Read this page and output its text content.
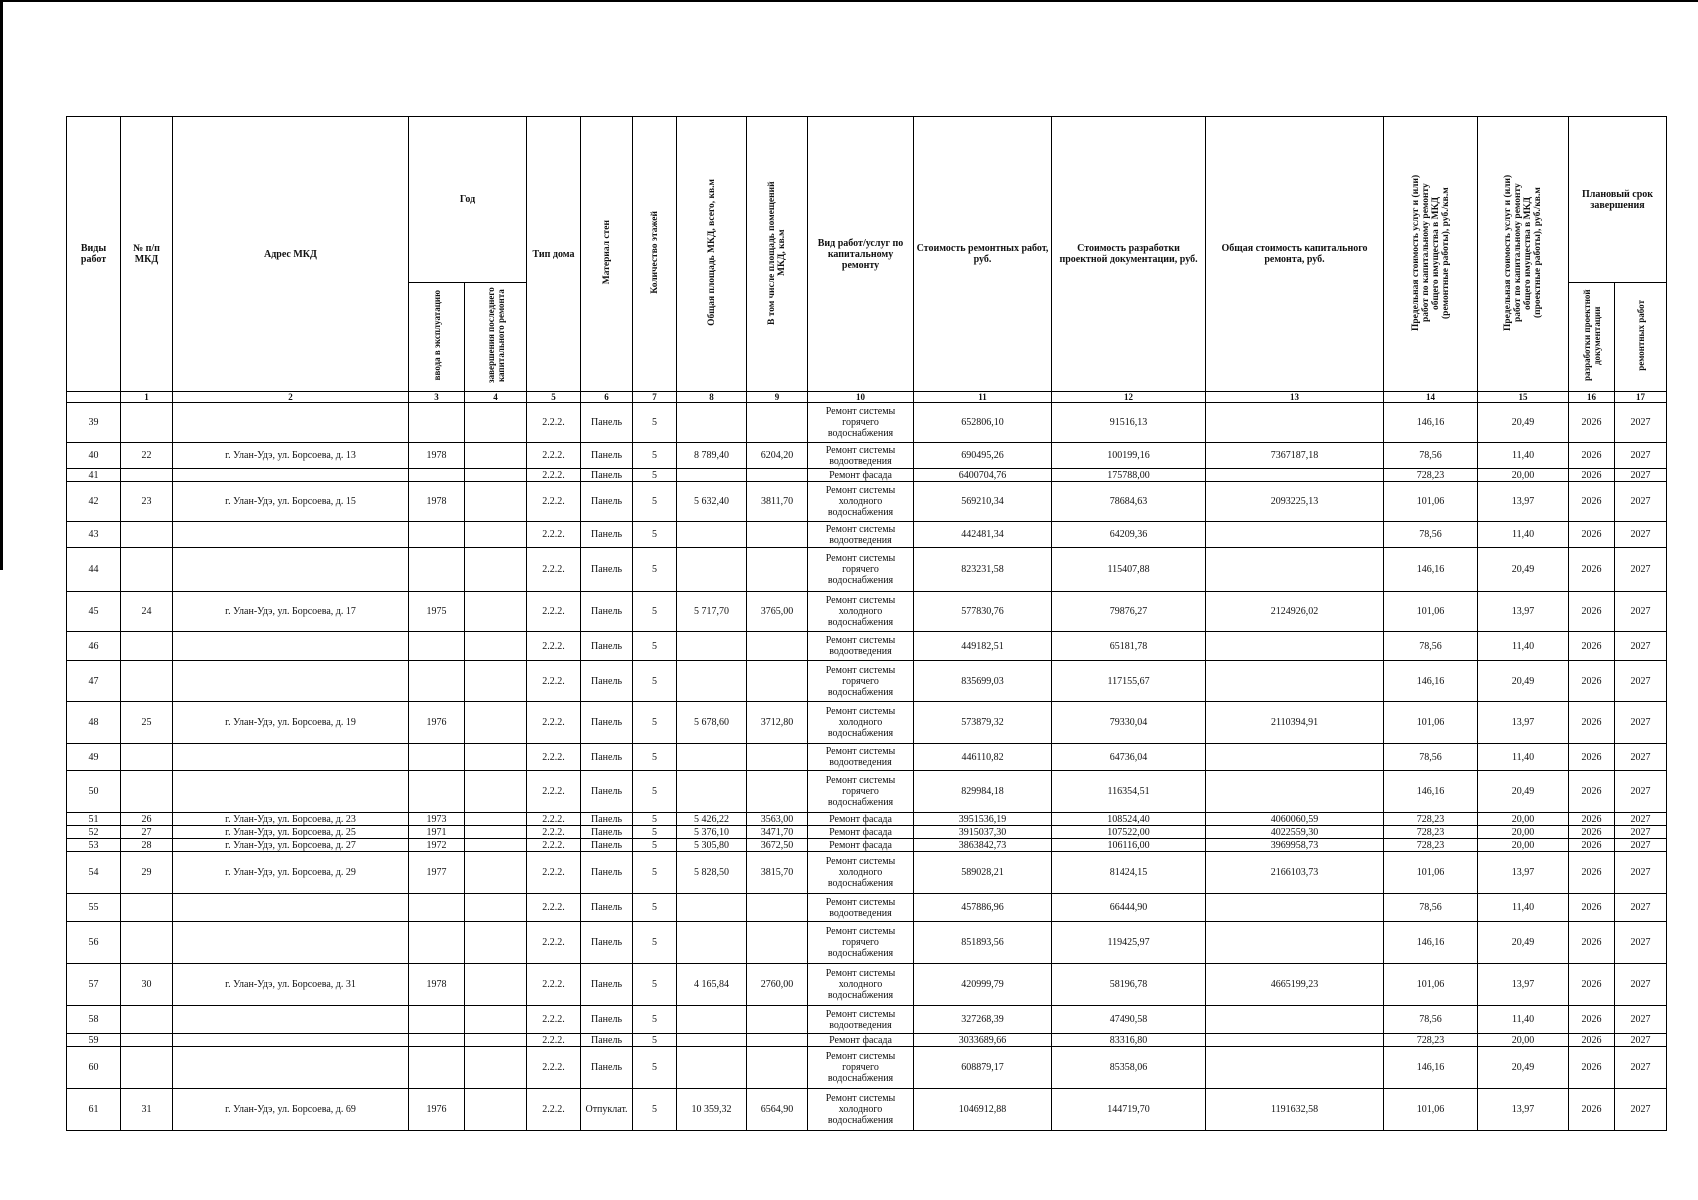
Виды работ	№ п/п МКД	Адрес МКД	Год		Тип дома	Материал стен	Количество этажей	Общая площадь МКД, всего, кв.м	В том числе площадь помещений МКД, кв.м	Вид работ/услуг по капитальному ремонту	Стоимость ремонтных работ, руб.	Стоимость разработки проектной документации, руб.	Общая стоимость капитального ремонта, руб.	Предельная стоимость услуг и (или) работ по капитальному ремонту общего имущества в МКД (ремонтные работы), руб./кв.м	Предельная стоимость услуг и (или) работ по капитальному ремонту общего имущества в МКД (проектные работы), руб./кв.м	Плановый срок завершения	
			ввода в эксплуатацию	завершения последнего капитального ремонта												разработки проектной документации	ремонтных работ
	1	2	3	4	5	6	7	8	9	10	11	12	13	14	15	16	17
39					2.2.2.	Панель	5			Ремонт системы горячего водоснабжения	652806,10	91516,13		146,16	20,49	2026	2027
40	22	г. Улан-Удэ, ул. Борсоева, д. 13	1978		2.2.2.	Панель	5	8 789,40	6204,20	Ремонт системы водоотведения	690495,26	100199,16	7367187,18	78,56	11,40	2026	2027
41					2.2.2.	Панель	5			Ремонт фасада	6400704,76	175788,00		728,23	20,00	2026	2027
42	23	г. Улан-Удэ, ул. Борсоева, д. 15	1978		2.2.2.	Панель	5	5 632,40	3811,70	Ремонт системы холодного водоснабжения	569210,34	78684,63	2093225,13	101,06	13,97	2026	2027
43					2.2.2.	Панель	5			Ремонт системы водоотведения	442481,34	64209,36		78,56	11,40	2026	2027
44					2.2.2.	Панель	5			Ремонт системы горячего водоснабжения	823231,58	115407,88		146,16	20,49	2026	2027
45	24	г. Улан-Удэ, ул. Борсоева, д. 17	1975		2.2.2.	Панель	5	5 717,70	3765,00	Ремонт системы холодного водоснабжения	577830,76	79876,27	2124926,02	101,06	13,97	2026	2027
46					2.2.2.	Панель	5			Ремонт системы водоотведения	449182,51	65181,78		78,56	11,40	2026	2027
47					2.2.2.	Панель	5			Ремонт системы горячего водоснабжения	835699,03	117155,67		146,16	20,49	2026	2027
48	25	г. Улан-Удэ, ул. Борсоева, д. 19	1976		2.2.2.	Панель	5	5 678,60	3712,80	Ремонт системы холодного водоснабжения	573879,32	79330,04	2110394,91	101,06	13,97	2026	2027
49					2.2.2.	Панель	5			Ремонт системы водоотведения	446110,82	64736,04		78,56	11,40	2026	2027
50					2.2.2.	Панель	5			Ремонт системы горячего водоснабжения	829984,18	116354,51		146,16	20,49	2026	2027
51	26	г. Улан-Удэ, ул. Борсоева, д. 23	1973		2.2.2.	Панель	5	5 426,22	3563,00	Ремонт фасада	3951536,19	108524,40	4060060,59	728,23	20,00	2026	2027
52	27	г. Улан-Удэ, ул. Борсоева, д. 25	1971		2.2.2.	Панель	5	5 376,10	3471,70	Ремонт фасада	3915037,30	107522,00	4022559,30	728,23	20,00	2026	2027
53	28	г. Улан-Удэ, ул. Борсоева, д. 27	1972		2.2.2.	Панель	5	5 305,80	3672,50	Ремонт фасада	3863842,73	106116,00	3969958,73	728,23	20,00	2026	2027
54	29	г. Улан-Удэ, ул. Борсоева, д. 29	1977		2.2.2.	Панель	5	5 828,50	3815,70	Ремонт системы холодного водоснабжения	589028,21	81424,15	2166103,73	101,06	13,97	2026	2027
55					2.2.2.	Панель	5			Ремонт системы водоотведения	457886,96	66444,90		78,56	11,40	2026	2027
56					2.2.2.	Панель	5			Ремонт системы горячего водоснабжения	851893,56	119425,97		146,16	20,49	2026	2027
57	30	г. Улан-Удэ, ул. Борсоева, д. 31	1978		2.2.2.	Панель	5	4 165,84	2760,00	Ремонт системы холодного водоснабжения	420999,79	58196,78	4665199,23	101,06	13,97	2026	2027
58					2.2.2.	Панель	5			Ремонт системы водоотведения	327268,39	47490,58		78,56	11,40	2026	2027
59					2.2.2.	Панель	5			Ремонт фасада	3033689,66	83316,80		728,23	20,00	2026	2027
60					2.2.2.	Панель	5			Ремонт системы горячего водоснабжения	608879,17	85358,06		146,16	20,49	2026	2027
61	31	г. Улан-Удэ, ул. Борсоева, д. 69	1976		2.2.2.	Отпуклат.	5	10 359,32	6564,90	Ремонт системы холодного водоснабжения	1046912,88	144719,70	1191632,58	101,06	13,97	2026	2027
